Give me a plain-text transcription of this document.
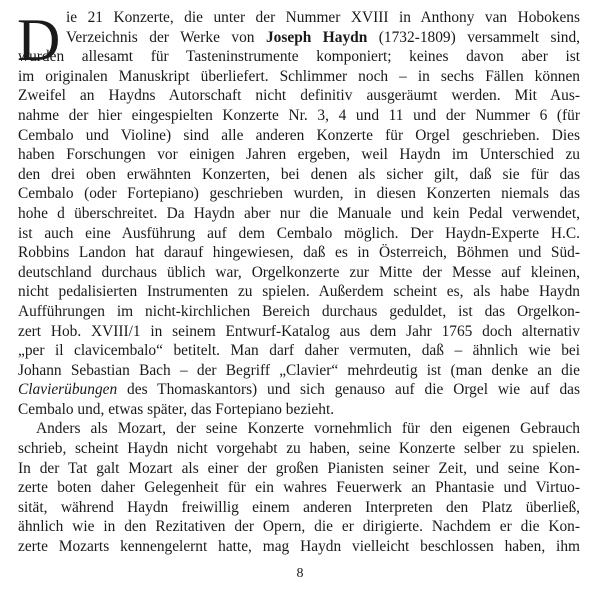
D ie 21 Konzerte, die unter der Nummer XVIII in Anthony van Hobokens
Verzeichnis der Werke von Joseph Haydn (1732-1809) versammelt sind,
wurden allesamt für Tasteninstrumente komponiert; keines davon aber ist
im originalen Manuskript überliefert. Schlimmer noch – in sechs Fällen können
Zweifel an Haydns Autorschaft nicht definitiv ausgeräumt werden. Mit Aus-
nahme der hier eingespielten Konzerte Nr. 3, 4 und 11 und der Nummer 6 (für
Cembalo und Violine) sind alle anderen Konzerte für Orgel geschrieben. Dies
haben Forschungen vor einigen Jahren ergeben, weil Haydn im Unterschied zu
den drei oben erwähnten Konzerten, bei denen als sicher gilt, daß sie für das
Cembalo (oder Fortepiano) geschrieben wurden, in diesen Konzerten niemals das
hohe d überschreitet. Da Haydn aber nur die Manuale und kein Pedal verwendet,
ist auch eine Ausführung auf dem Cembalo möglich. Der Haydn-Experte H.C.
Robbins Landon hat darauf hingewiesen, daß es in Österreich, Böhmen und Süd-
deutschland durchaus üblich war, Orgelkonzerte zur Mitte der Messe auf kleinen,
nicht pedalisierten Instrumenten zu spielen. Außerdem scheint es, als habe Haydn
Aufführungen im nicht-kirchlichen Bereich durchaus geduldet, ist das Orgelkon-
zert Hob. XVIII/1 in seinem Entwurf-Katalog aus dem Jahr 1765 doch alternativ
„per il clavicembalo“ betitelt. Man darf daher vermuten, daß – ähnlich wie bei
Johann Sebastian Bach – der Begriff „Clavier“ mehrdeutig ist (man denke an die
Clavierübungen des Thomaskantors) und sich genauso auf die Orgel wie auf das
Cembalo und, etwas später, das Fortepiano bezieht.
Anders als Mozart, der seine Konzerte vornehmlich für den eigenen Gebrauch
schrieb, scheint Haydn nicht vorgehabt zu haben, seine Konzerte selber zu spielen.
In der Tat galt Mozart als einer der großen Pianisten seiner Zeit, und seine Kon-
zerte boten daher Gelegenheit für ein wahres Feuerwerk an Phantasie und Virtuo-
sität, während Haydn freiwillig einem anderen Interpreten den Platz überließ,
ähnlich wie in den Rezitativen der Opern, die er dirigierte. Nachdem er die Kon-
zerte Mozarts kennengelernt hatte, mag Haydn vielleicht beschlossen haben, ihm
8
